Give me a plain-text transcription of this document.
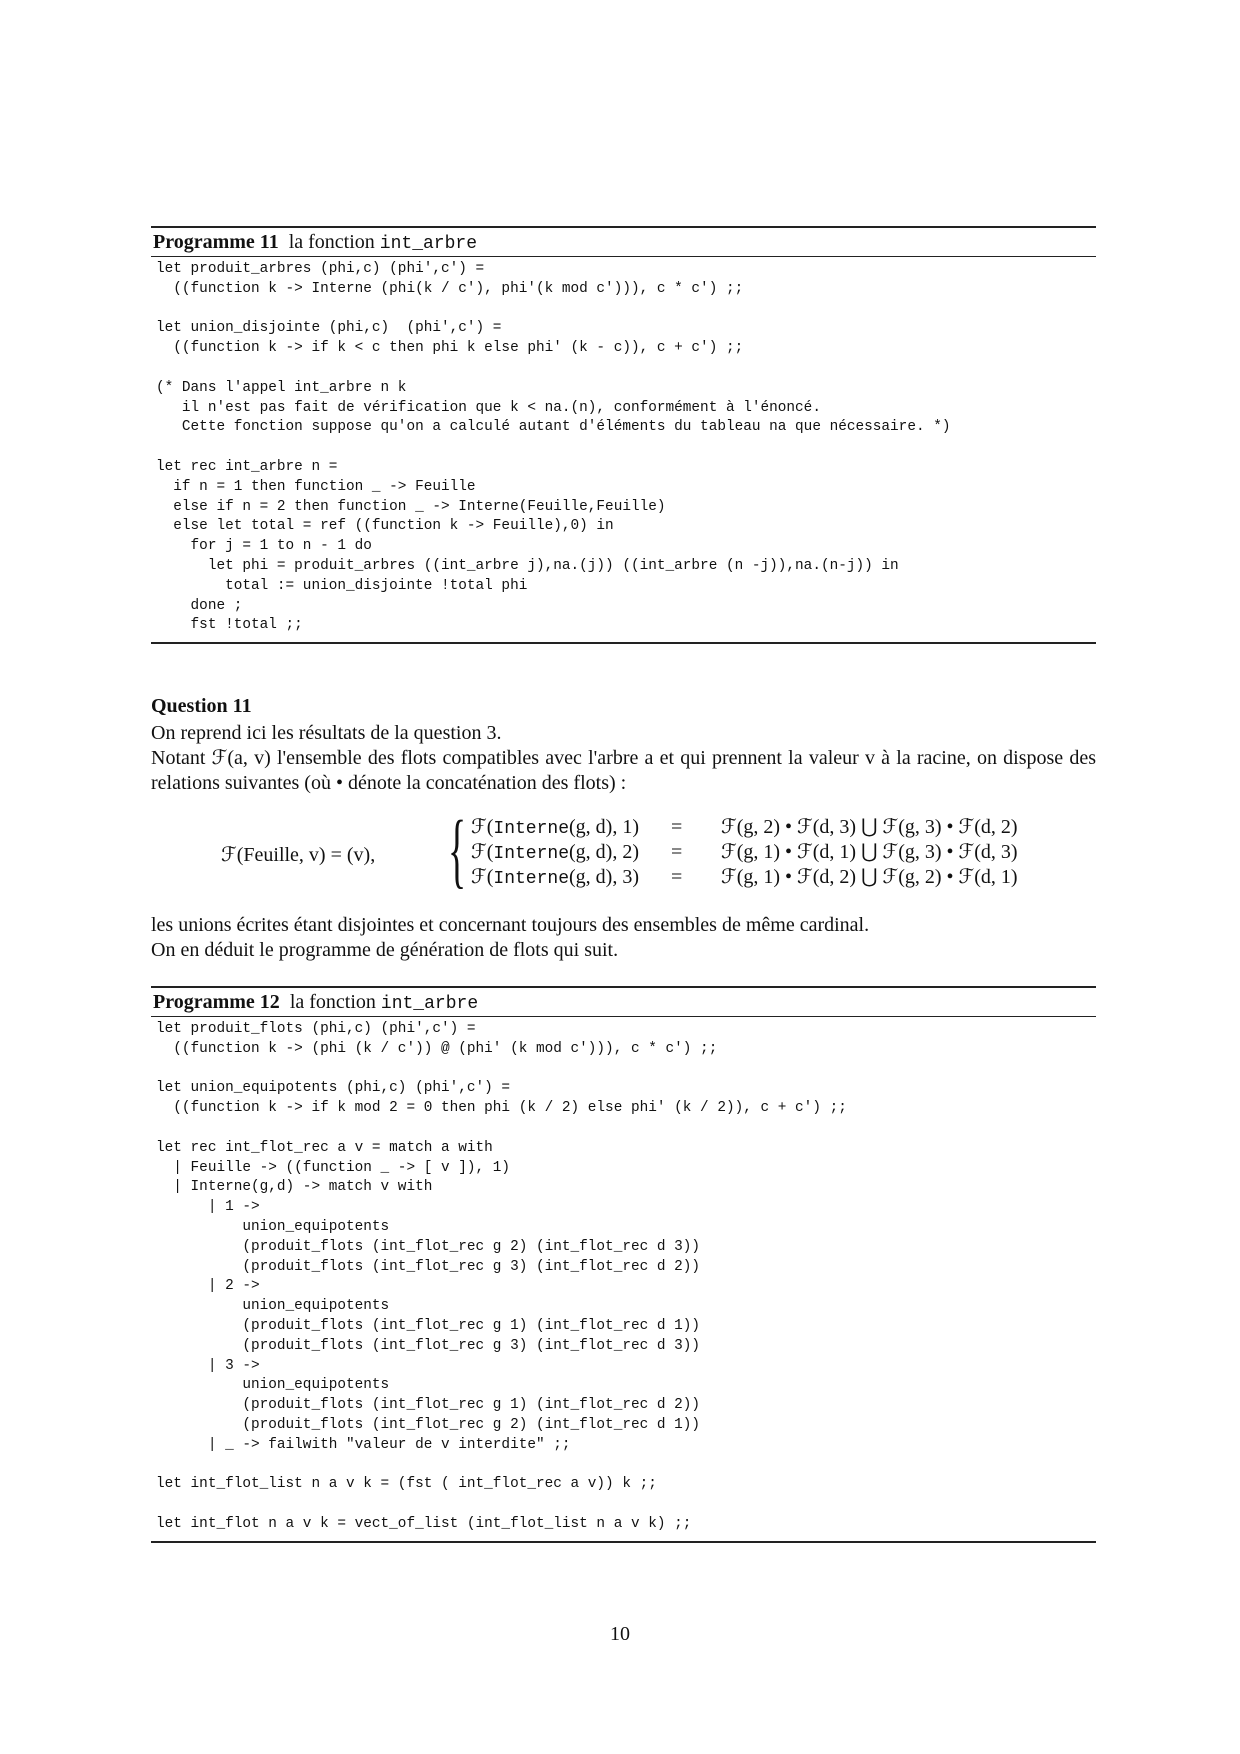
Programme 11 la fonction int_arbre
let produit_arbres (phi,c) (phi',c') =
((function k -> Interne (phi(k / c'), phi'(k mod c'))), c * c') ;;

let union_disjointe (phi,c)  (phi',c') =
((function k -> if k < c then phi k else phi' (k - c)), c + c') ;;

(* Dans l'appel int_arbre n k
il n'est pas fait de vérification que k < na.(n), conformément à l'énoncé.
Cette fonction suppose qu'on a calculé autant d'éléments du tableau na que nécessaire. *)

let rec int_arbre n =
if n = 1 then function _ -> Feuille
else if n = 2 then function _ -> Interne(Feuille,Feuille)
else let total = ref ((function k -> Feuille),0) in
for j = 1 to n - 1 do
let phi = produit_arbres ((int_arbre j),na.(j)) ((int_arbre (n -j)),na.(n-j)) in
total := union_disjointe !total phi
done ;
fst !total ;;
Question 11
On reprend ici les résultats de la question 3.
Notant ℱ(a, v) l'ensemble des flots compatibles avec l'arbre a et qui prennent la valeur v à la racine, on dispose des relations suivantes (où • dénote la concaténation des flots) :
ℱ(Feuille, v) = (v), { ℱ(Interne(g, d), 1) = ℱ(g, 2) • ℱ(d, 3) ⋃ ℱ(g, 3) • ℱ(d, 2)
ℱ(Interne(g, d), 2) = ℱ(g, 1) • ℱ(d, 1) ⋃ ℱ(g, 3) • ℱ(d, 3)
ℱ(Interne(g, d), 3) = ℱ(g, 1) • ℱ(d, 2) ⋃ ℱ(g, 2) • ℱ(d, 1)
les unions écrites étant disjointes et concernant toujours des ensembles de même cardinal.
On en déduit le programme de génération de flots qui suit.
Programme 12 la fonction int_arbre
let produit_flots (phi,c) (phi',c') =
((function k -> (phi (k / c')) @ (phi' (k mod c'))), c * c') ;;

let union_equipotents (phi,c) (phi',c') =
((function k -> if k mod 2 = 0 then phi (k / 2) else phi' (k / 2)), c + c') ;;

let rec int_flot_rec a v = match a with
| Feuille -> ((function _ -> [ v ]), 1)
| Interne(g,d) -> match v with
| 1 ->
union_equipotents
(produit_flots (int_flot_rec g 2) (int_flot_rec d 3))
(produit_flots (int_flot_rec g 3) (int_flot_rec d 2))
| 2 ->
union_equipotents
(produit_flots (int_flot_rec g 1) (int_flot_rec d 1))
(produit_flots (int_flot_rec g 3) (int_flot_rec d 3))
| 3 ->
union_equipotents
(produit_flots (int_flot_rec g 1) (int_flot_rec d 2))
(produit_flots (int_flot_rec g 2) (int_flot_rec d 1))
| _ -> failwith "valeur de v interdite" ;;

let int_flot_list n a v k = (fst ( int_flot_rec a v)) k ;;

let int_flot n a v k = vect_of_list (int_flot_list n a v k) ;;
10
